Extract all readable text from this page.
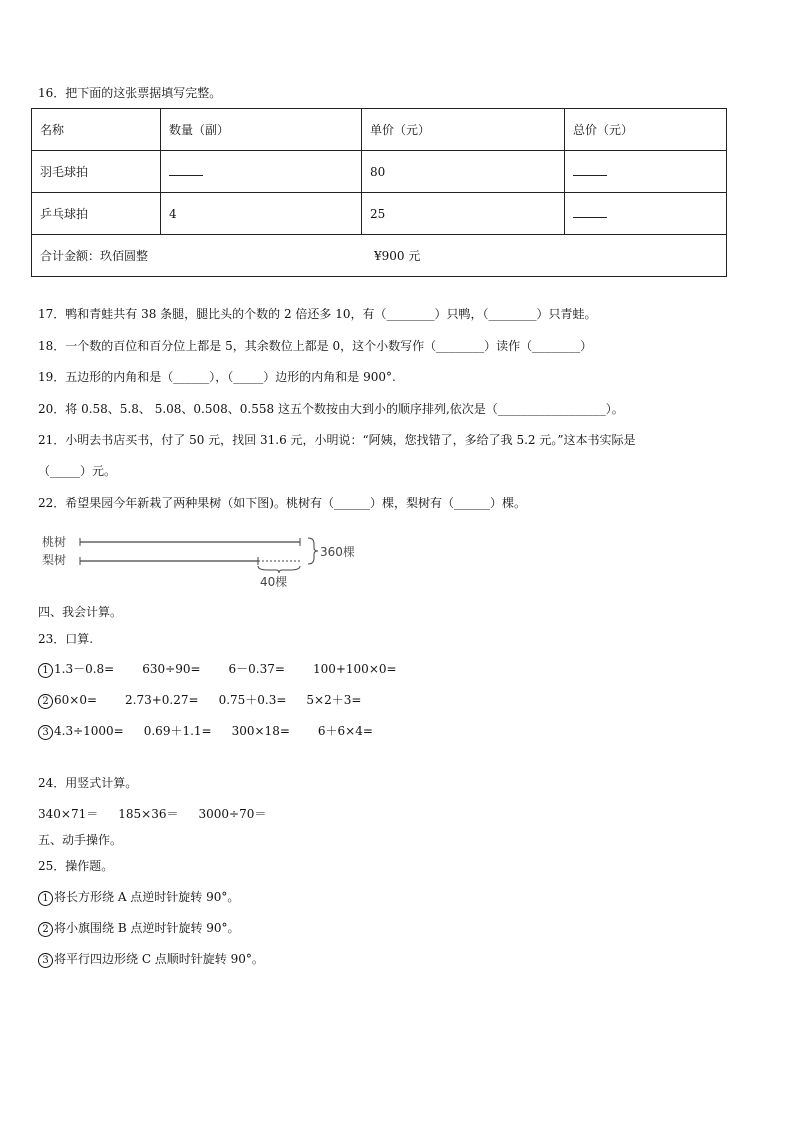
16．把下面的这张票据填写完整。
名称	数量（副）	单价（元）	总价（元）
羽毛球拍		80	
乒乓球拍	4	25	
合计金额：玖佰圆整 ¥900 元			
17．鸭和青蛙共有 38 条腿，腿比头的个数的 2 倍还多 10，有（________）只鸭，（________）只青蛙。
18．一个数的百位和百分位上都是 5，其余数位上都是 0，这个小数写作（________）读作（________）
19．五边形的内角和是（______），（_____）边形的内角和是 900°.
20．将 0.58、5.8、 5.08、0.508、0.558 这五个数按由大到小的顺序排列,依次是（__________________）。
21．小明去书店买书，付了 50 元，找回 31.6 元，小明说：“阿姨，您找错了，多给了我 5.2 元。”这本书实际是
（_____）元。
22．希望果园今年新栽了两种果树（如下图)。桃树有（______）棵，梨树有（______）棵。
桃树
梨树
40棵
360棵
四、我会计算。
23．口算.
1 1.3－0.8= 630÷90= 6－0.37= 100+100×0=
2 60×0= 2.73+0.27= 0.75＋0.3= 5×2＋3=
3 4.3÷1000= 0.69＋1.1= 300×18= 6＋6×4=
24．用竖式计算。
340×71＝ 185×36＝ 3000÷70＝
五、动手操作。
25．操作题。
1 将长方形绕 A 点逆时针旋转 90°。
2 将小旗围绕 B 点逆时针旋转 90°。
3 将平行四边形绕 C 点顺时针旋转 90°。
